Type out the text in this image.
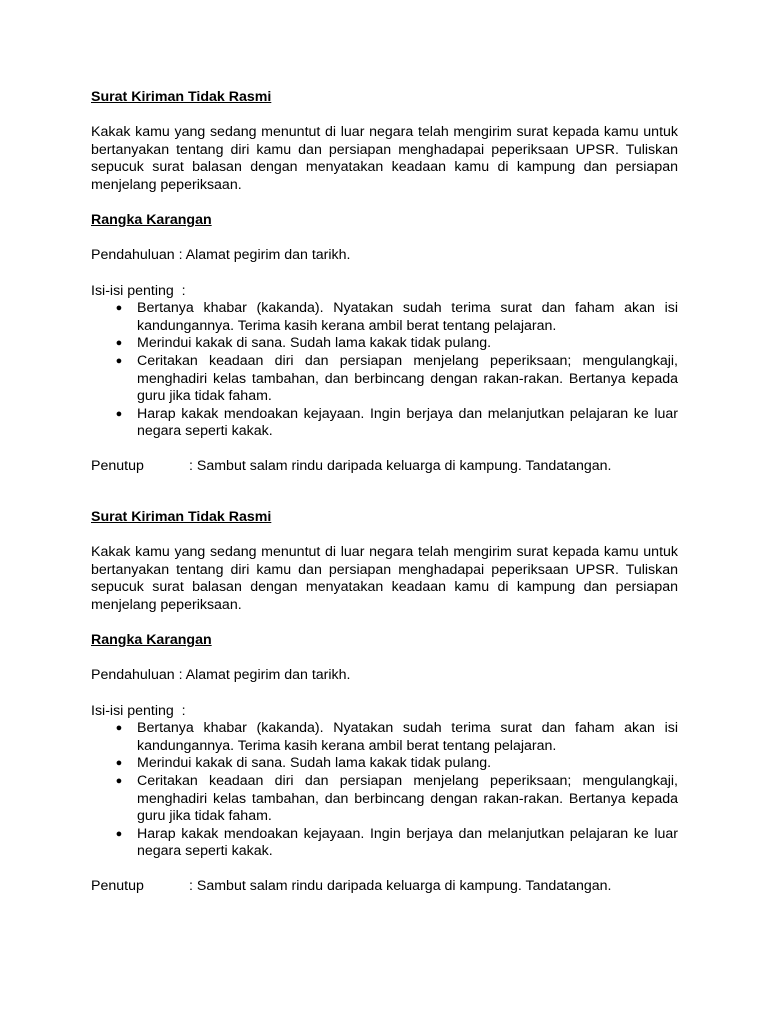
Surat Kiriman Tidak Rasmi

Kakak kamu yang sedang menuntut di luar negara telah mengirim surat kepada kamu untuk bertanyakan tentang diri kamu dan persiapan menghadapai peperiksaan UPSR. Tuliskan sepucuk surat balasan dengan menyatakan keadaan kamu di kampung dan persiapan menjelang peperiksaan.

Rangka Karangan

Pendahuluan : Alamat pegirim dan tarikh.
Isi-isi penting  :
● Bertanya khabar (kakanda). Nyatakan sudah terima surat dan faham akan isi kandungannya. Terima kasih kerana ambil berat tentang pelajaran.
● Merindui kakak di sana. Sudah lama kakak tidak pulang.
● Ceritakan keadaan diri dan persiapan menjelang peperiksaan; mengulangkaji, menghadiri kelas tambahan, dan berbincang dengan rakan-rakan. Bertanya kepada guru jika tidak faham.
● Harap kakak mendoakan kejayaan. Ingin berjaya dan melanjutkan pelajaran ke luar negara seperti kakak.
Penutup	: Sambut salam rindu daripada keluarga di kampung. Tandatangan.

Surat Kiriman Tidak Rasmi

Kakak kamu yang sedang menuntut di luar negara telah mengirim surat kepada kamu untuk bertanyakan tentang diri kamu dan persiapan menghadapai peperiksaan UPSR. Tuliskan sepucuk surat balasan dengan menyatakan keadaan kamu di kampung dan persiapan menjelang peperiksaan.

Rangka Karangan

Pendahuluan : Alamat pegirim dan tarikh.
Isi-isi penting  :
● Bertanya khabar (kakanda). Nyatakan sudah terima surat dan faham akan isi kandungannya. Terima kasih kerana ambil berat tentang pelajaran.
● Merindui kakak di sana. Sudah lama kakak tidak pulang.
● Ceritakan keadaan diri dan persiapan menjelang peperiksaan; mengulangkaji, menghadiri kelas tambahan, dan berbincang dengan rakan-rakan. Bertanya kepada guru jika tidak faham.
● Harap kakak mendoakan kejayaan. Ingin berjaya dan melanjutkan pelajaran ke luar negara seperti kakak.
Penutup	: Sambut salam rindu daripada keluarga di kampung. Tandatangan.
